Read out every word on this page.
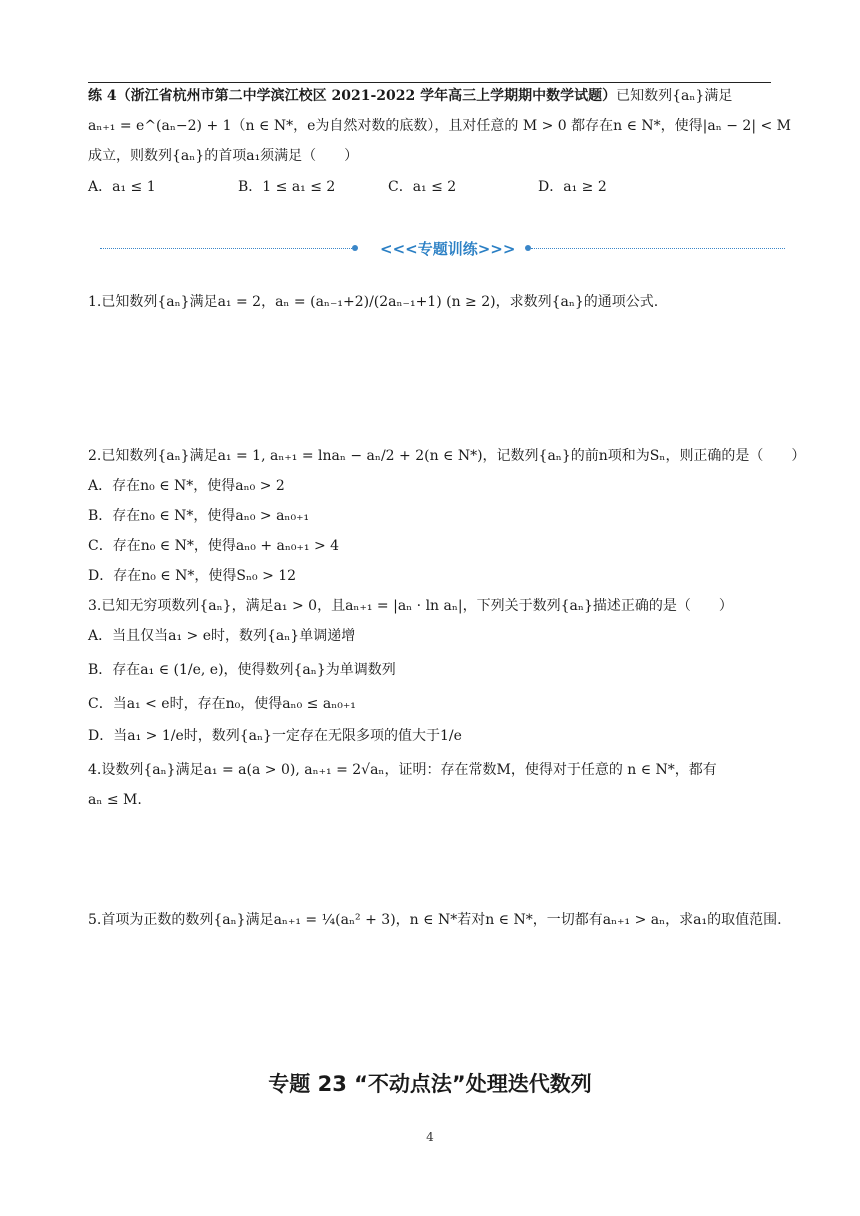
练 4（浙江省杭州市第二中学滨江校区 2021-2022 学年高三上学期期中数学试题）已知数列{aₙ}满足
aₙ₊₁ = e^(aₙ−2) + 1（n ∈ N*，e为自然对数的底数），且对任意的 M > 0 都存在n ∈ N*，使得|aₙ − 2| < M
成立，则数列{aₙ}的首项a₁须满足（　　）
A．a₁ ≤ 1	B．1 ≤ a₁ ≤ 2	C．a₁ ≤ 2	D．a₁ ≥ 2
<<<专题训练>>>
1.已知数列{aₙ}满足a₁ = 2，aₙ = (aₙ₋₁+2)/(2aₙ₋₁+1) (n ≥ 2)，求数列{aₙ}的通项公式.
2.已知数列{aₙ}满足a₁ = 1, aₙ₊₁ = lnaₙ − aₙ/2 + 2(n ∈ N*)，记数列{aₙ}的前n项和为Sₙ，则正确的是（　　）
A．存在n₀ ∈ N*，使得aₙ₀ > 2
B．存在n₀ ∈ N*，使得aₙ₀ > aₙ₀₊₁
C．存在n₀ ∈ N*，使得aₙ₀ + aₙ₀₊₁ > 4
D．存在n₀ ∈ N*，使得Sₙ₀ > 12
3.已知无穷项数列{aₙ}，满足a₁ > 0，且aₙ₊₁ = |aₙ · ln aₙ|，下列关于数列{aₙ}描述正确的是（　　）
A．当且仅当a₁ > e时，数列{aₙ}单调递增
B．存在a₁ ∈ (1/e, e)，使得数列{aₙ}为单调数列
C．当a₁ < e时，存在n₀，使得aₙ₀ ≤ aₙ₀₊₁
D．当a₁ > 1/e时，数列{aₙ}一定存在无限多项的值大于1/e
4.设数列{aₙ}满足a₁ = a(a > 0), aₙ₊₁ = 2√aₙ，证明：存在常数M，使得对于任意的 n ∈ N*，都有
aₙ ≤ M.
5.首项为正数的数列{aₙ}满足aₙ₊₁ = ¼(aₙ² + 3)，n ∈ N*若对n ∈ N*，一切都有aₙ₊₁ > aₙ，求a₁的取值范围.
专题 23 “不动点法”处理迭代数列
4
